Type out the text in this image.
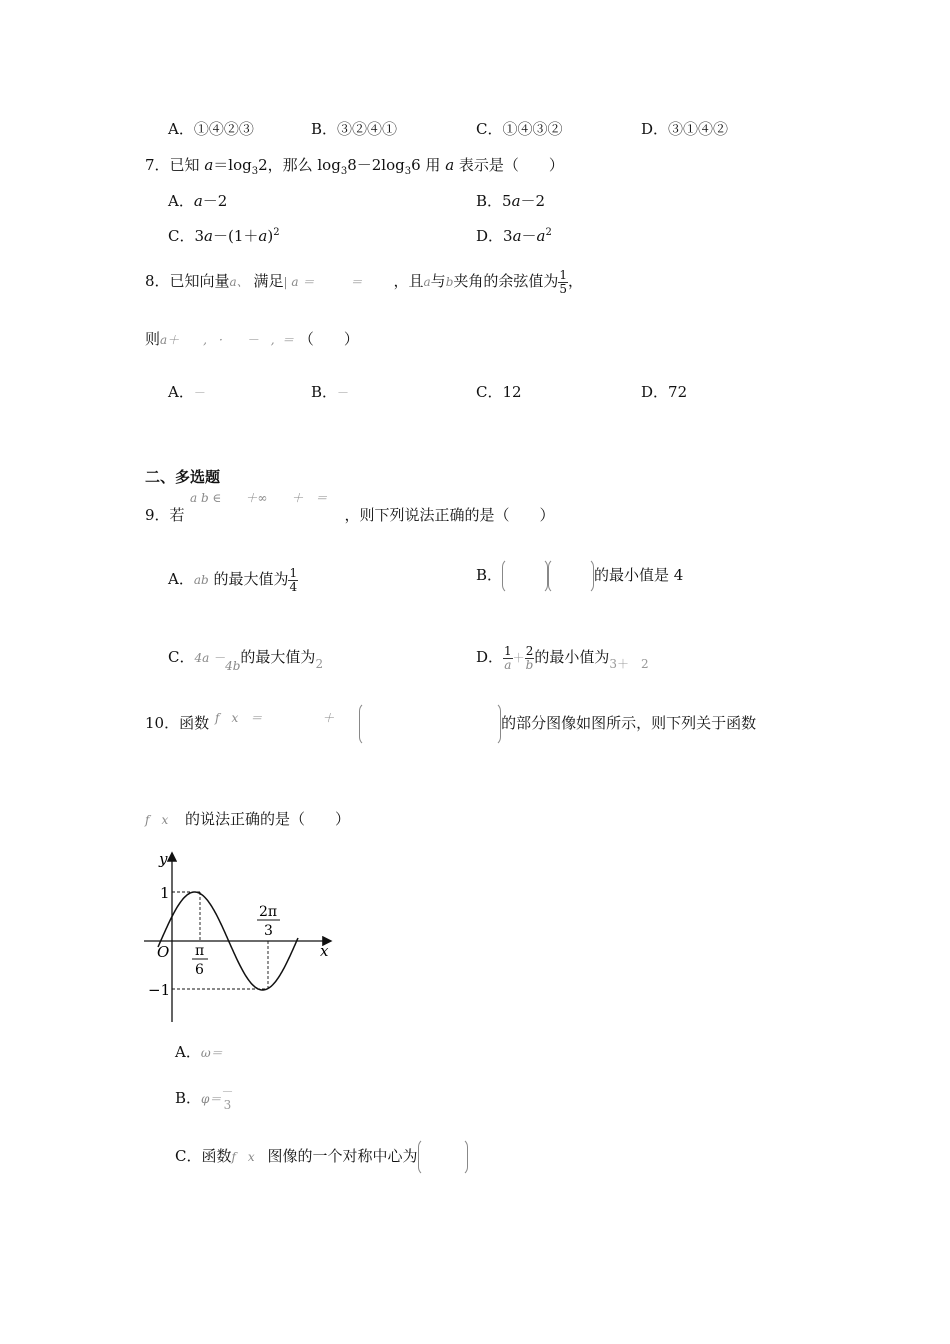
A．①④②③	B．③②④①	C．①④③②	D．③①④②
7．已知 $a=\log_32$，那么 $\log_38-2\log_36$ 用 a 表示是（　　）
A．a－2	B．5a－2
C．$3a-(1+a)^2$	D．$3a-a^2$
8．已知向量a、 满足| a ＝　　　＝ ，且a与b夹角的余弦值为 $\frac{1}{5}$ ，
则a＋　　,　·　　－　, ＝ （　　）
A．－	B．－	C．12	D．72
二、多选题
a b ∈　　＋∞　　＋　＝
9．若	，则下列说法正确的是（　　）
A．ab 的最大值为 $\frac{1}{4}$	B．	的最小值是 4
C．4a －
4b 的最大值为$_2$	D． $\frac{1}{a} + \frac{2}{b}$ 的最小值为$_{3+ 2}$
f　x　＝　　　　　＋
10．函数	的部分图像如图所示，则下列关于函数
f　x 的说法正确的是（　　）
y
x
O
1
−1
π
6
2π
3
A．ω＝
B．φ＝ －
3
C．函数f　x 图像的一个对称中心为
